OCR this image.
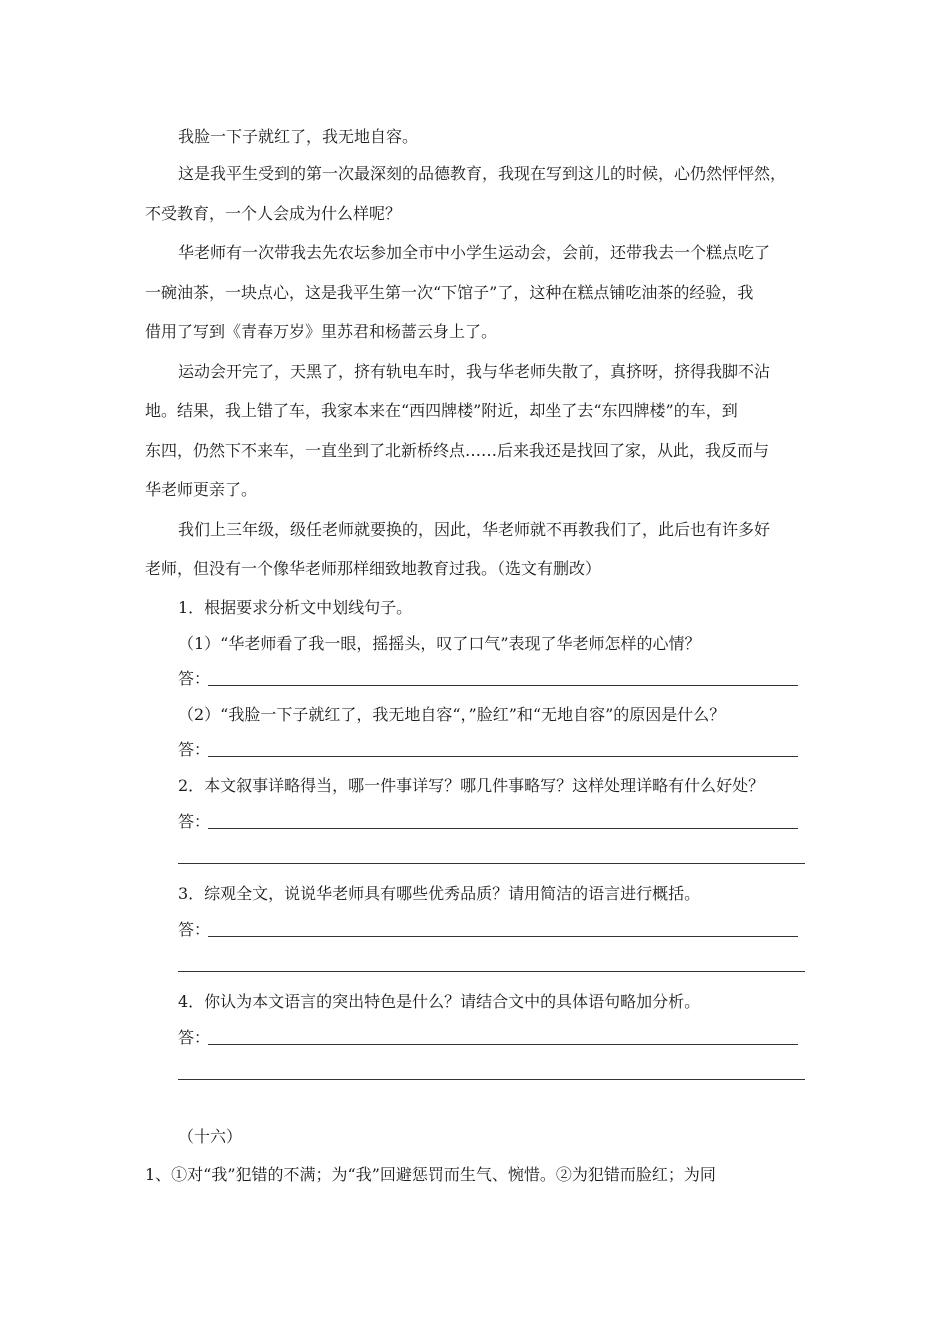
我脸一下子就红了，我无地自容。
这是我平生受到的第一次最深刻的品德教育，我现在写到这儿的时候，心仍然怦怦然，
不受教育，一个人会成为什么样呢？
华老师有一次带我去先农坛参加全市中小学生运动会，会前，还带我去一个糕点吃了
一碗油茶，一块点心，这是我平生第一次“下馆子”了，这种在糕点铺吃油茶的经验，我
借用了写到《青春万岁》里苏君和杨蔷云身上了。
运动会开完了，天黑了，挤有轨电车时，我与华老师失散了，真挤呀，挤得我脚不沾
地。结果，我上错了车，我家本来在“西四牌楼”附近，却坐了去“东四牌楼”的车，到
东四，仍然下不来车，一直坐到了北新桥终点……后来我还是找回了家，从此，我反而与
华老师更亲了。
我们上三年级，级任老师就要换的，因此，华老师就不再教我们了，此后也有许多好
老师，但没有一个像华老师那样细致地教育过我。（选文有删改）
1．根据要求分析文中划线句子。
（1）“华老师看了我一眼，摇摇头，叹了口气”表现了华老师怎样的心情？
答：
（2）“我脸一下子就红了，我无地自容“，”脸红”和“无地自容”的原因是什么？
答：
2．本文叙事详略得当，哪一件事详写？哪几件事略写？这样处理详略有什么好处？
答：
3．综观全文，说说华老师具有哪些优秀品质？请用简洁的语言进行概括。
答：
4．你认为本文语言的突出特色是什么？请结合文中的具体语句略加分析。
答：
（十六）
1、①对“我”犯错的不满；为“我”回避惩罚而生气、惋惜。②为犯错而脸红；为同
